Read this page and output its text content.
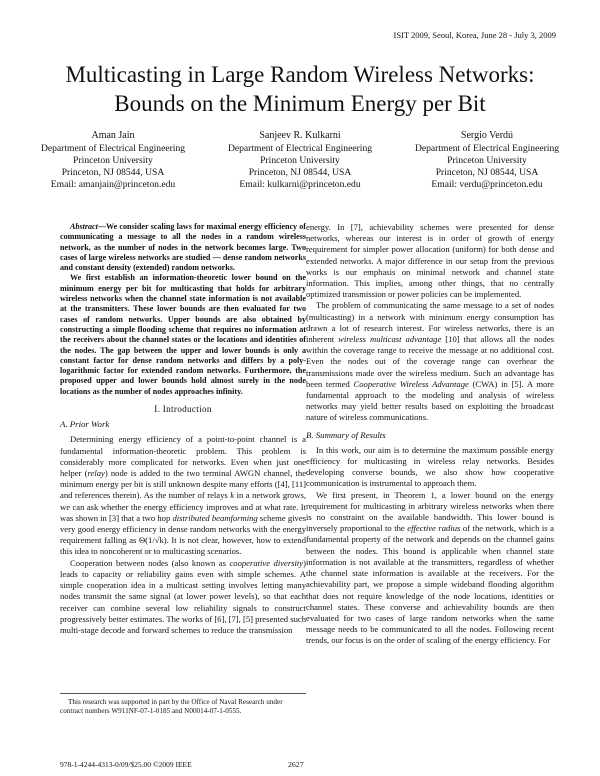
ISIT 2009, Seoul, Korea, June 28 - July 3, 2009
Multicasting in Large Random Wireless Networks:
Bounds on the Minimum Energy per Bit
Aman Jain
Department of Electrical Engineering
Princeton University
Princeton, NJ 08544, USA
Email: amanjain@princeton.edu
Sanjeev R. Kulkarni
Department of Electrical Engineering
Princeton University
Princeton, NJ 08544, USA
Email: kulkarni@princeton.edu
Sergio Verdú
Department of Electrical Engineering
Princeton University
Princeton, NJ 08544, USA
Email: verdu@princeton.edu

Abstract—We consider scaling laws for maximal energy efficiency of communicating a message to all the nodes in a random wireless network, as the number of nodes in the network becomes large. Two cases of large wireless networks are studied — dense random networks and constant density (extended) random networks.

We first establish an information-theoretic lower bound on the minimum energy per bit for multicasting that holds for arbitrary wireless networks when the channel state information is not available at the transmitters. These lower bounds are then evaluated for two cases of random networks. Upper bounds are also obtained by constructing a simple flooding scheme that requires no information at the receivers about the channel states or the locations and identities of the nodes. The gap between the upper and lower bounds is only a constant factor for dense random networks and differs by a poly-logarithmic factor for extended random networks. Furthermore, the proposed upper and lower bounds hold almost surely in the node locations as the number of nodes approaches infinity.

I. Introduction
A. Prior Work

Determining energy efficiency of a point-to-point channel is a fundamental information-theoretic problem. This problem is considerably more complicated for networks. Even when just one helper (relay) node is added to the two terminal AWGN channel, the minimum energy per bit is still unknown despite many efforts ([4], [11] and references therein). As the number of relays k in a network grows, we can ask whether the energy efficiency improves and at what rate. It was shown in [3] that a two hop distributed beamforming scheme gives very good energy efficiency in dense random networks with the energy requirement falling as Θ(1/√k). It is not clear, however, how to extend this idea to noncoherent or to multicasting scenarios.

Cooperation between nodes (also known as cooperative diversity) leads to capacity or reliability gains even with simple schemes. A simple cooperation idea in a multicast setting involves letting many nodes transmit the same signal (at lower power levels), so that each receiver can combine several low reliability signals to construct progressively better estimates. The works of [6], [7], [5] presented such multi-stage decode and forward schemes to reduce the transmission

This research was supported in part by the Office of Naval Research under contract numbers W911NF-07-1-0185 and N00014-07-1-0555.

energy. In [7], achievability schemes were presented for dense networks, whereas our interest is in order of growth of energy requirement for simpler power allocation (uniform) for both dense and extended networks. A major difference in our setup from the previous works is our emphasis on minimal network and channel state information. This implies, among other things, that no centrally optimized transmission or power policies can be implemented.

The problem of communicating the same message to a set of nodes (multicasting) in a network with minimum energy consumption has drawn a lot of research interest. For wireless networks, there is an inherent wireless multicast advantage [10] that allows all the nodes within the coverage range to receive the message at no additional cost. Even the nodes out of the coverage range can overhear the transmissions made over the wireless medium. Such an advantage has been termed Cooperative Wireless Advantage (CWA) in [5]. A more fundamental approach to the modeling and analysis of wireless networks may yield better results based on exploiting the broadcast nature of wireless communications.

B. Summary of Results

In this work, our aim is to determine the maximum possible energy efficiency for multicasting in wireless relay networks. Besides developing converse bounds, we also show how cooperative communication is instrumental to approach them.

We first present, in Theorem 1, a lower bound on the energy requirement for multicasting in arbitrary wireless networks when there is no constraint on the available bandwidth. This lower bound is inversely proportional to the effective radius of the network, which is a fundamental property of the network and depends on the channel gains between the nodes. This bound is applicable when channel state information is not available at the transmitters, regardless of whether the channel state information is available at the receivers. For the achievability part, we propose a simple wideband flooding algorithm that does not require knowledge of the node locations, identities or channel states. These converse and achievability bounds are then evaluated for two cases of large random networks when the same message needs to be communicated to all the nodes. Following recent trends, our focus is on the order of scaling of the energy efficiency. For

978-1-4244-4313-0/09/$25.00 ©2009 IEEE	2627
